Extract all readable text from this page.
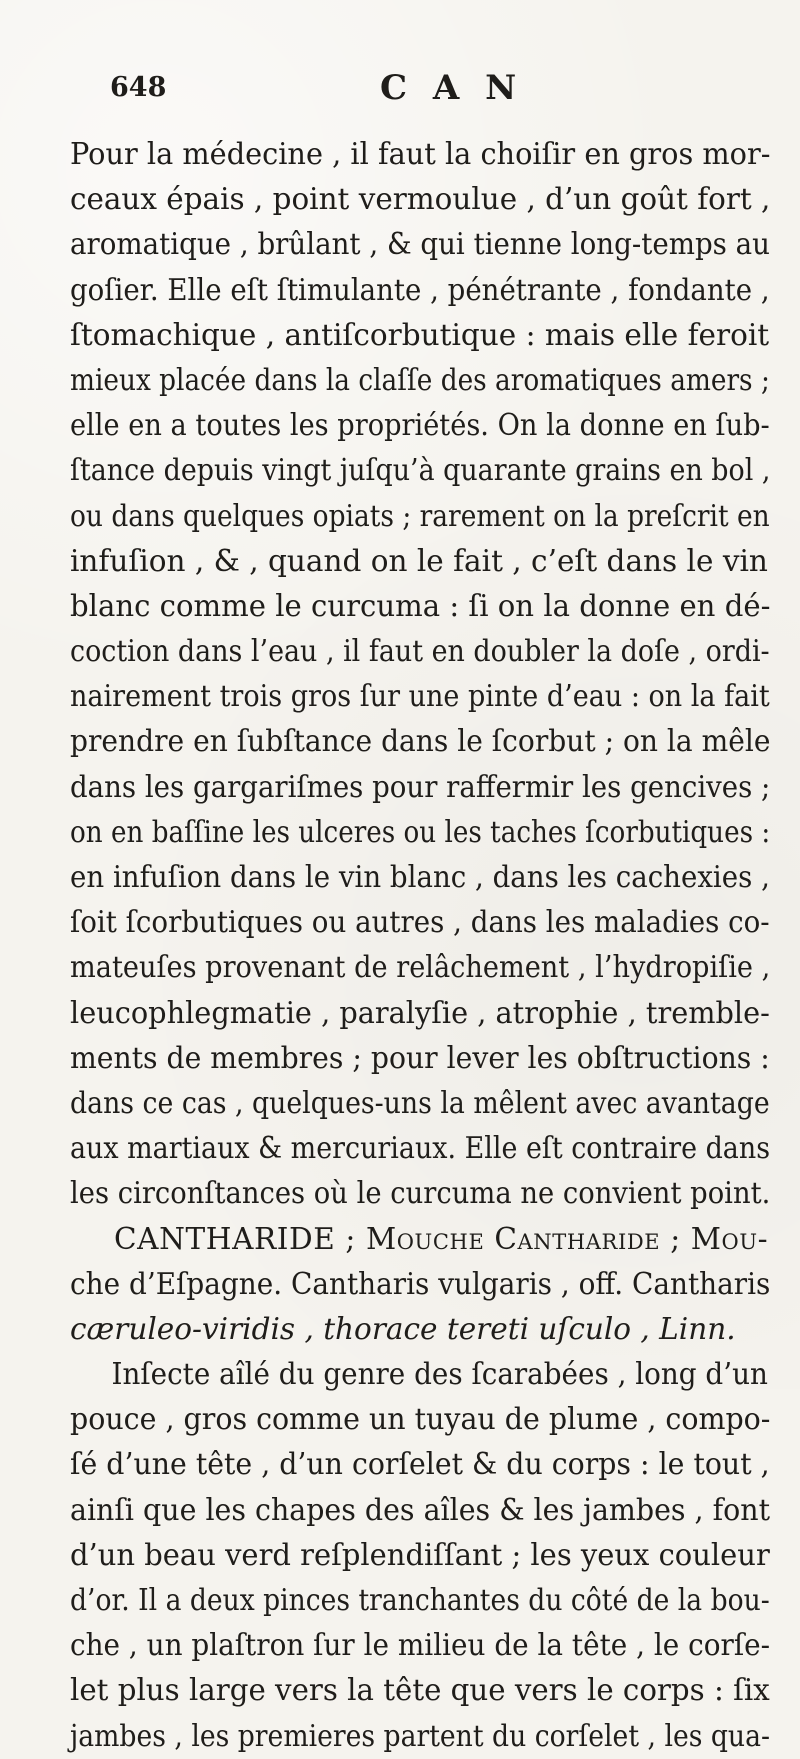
648	C A N
Pour la médecine , il faut la choiſir en gros mor-
ceaux épais , point vermoulue , d’un goût fort ,
aromatique , brûlant , & qui tienne long-temps au
goſier. Elle eſt ſtimulante , pénétrante , fondante ,
ſtomachique , antiſcorbutique : mais elle feroit
mieux placée dans la claſſe des aromatiques amers ;
elle en a toutes les propriétés. On la donne en ſub-
ſtance depuis vingt juſqu’à quarante grains en bol ,
ou dans quelques opiats ; rarement on la preſcrit en
infuſion , & , quand on le fait , c’eſt dans le vin
blanc comme le curcuma : ſi on la donne en dé-
coction dans l’eau , il faut en doubler la doſe , ordi-
nairement trois gros ſur une pinte d’eau : on la fait
prendre en ſubſtance dans le ſcorbut ; on la mêle
dans les gargariſmes pour raffermir les gencives ;
on en baſſine les ulceres ou les taches ſcorbutiques :
en infuſion dans le vin blanc , dans les cachexies ,
ſoit ſcorbutiques ou autres , dans les maladies co-
mateuſes provenant de relâchement , l’hydropiſie ,
leucophlegmatie , paralyſie , atrophie , tremble-
ments de membres ; pour lever les obſtructions :
dans ce cas , quelques-uns la mêlent avec avantage
aux martiaux & mercuriaux. Elle eſt contraire dans
les circonſtances où le curcuma ne convient point.
CANTHARIDE ; Mouche Cantharide ; Mou-
che d’Eſpagne. Cantharis vulgaris , off. Cantharis
cæruleo-viridis , thorace tereti uſculo , Linn.
Inſecte aîlé du genre des ſcarabées , long d’un
pouce , gros comme un tuyau de plume , compo-
ſé d’une tête , d’un corſelet & du corps : le tout ,
ainſi que les chapes des aîles & les jambes , font
d’un beau verd reſplendiſſant ; les yeux couleur
d’or. Il a deux pinces tranchantes du côté de la bou-
che , un plaſtron ſur le milieu de la tête , le corſe-
let plus large vers la tête que vers le corps : ſix
jambes , les premieres partent du corſelet , les qua-
